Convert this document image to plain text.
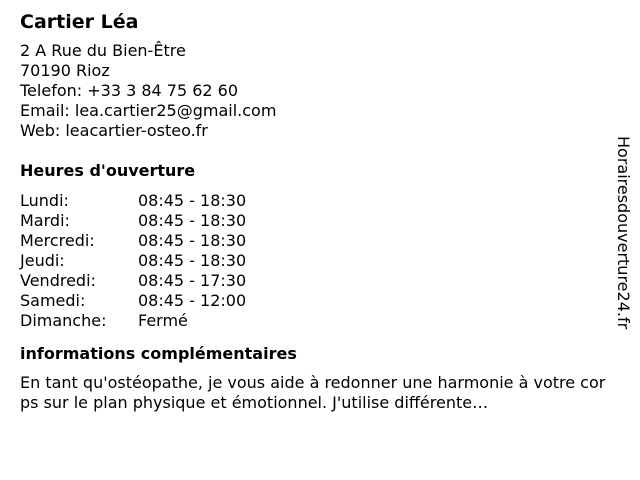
Cartier Léa
2 A Rue du Bien-Être
70190 Rioz
Telefon: +33 3 84 75 62 60
Email: lea.cartier25@gmail.com
Web: leacartier-osteo.fr
Heures d'ouverture
Lundi:	08:45 - 18:30
Mardi:	08:45 - 18:30
Mercredi:	08:45 - 18:30
Jeudi:	08:45 - 18:30
Vendredi:	08:45 - 17:30
Samedi:	08:45 - 12:00
Dimanche:	Fermé
informations complémentaires
En tant qu'ostéopathe, je vous aide à redonner une harmonie à votre corps sur le plan physique et émotionnel. J'utilise différente…
Horairesdouverture24.fr
